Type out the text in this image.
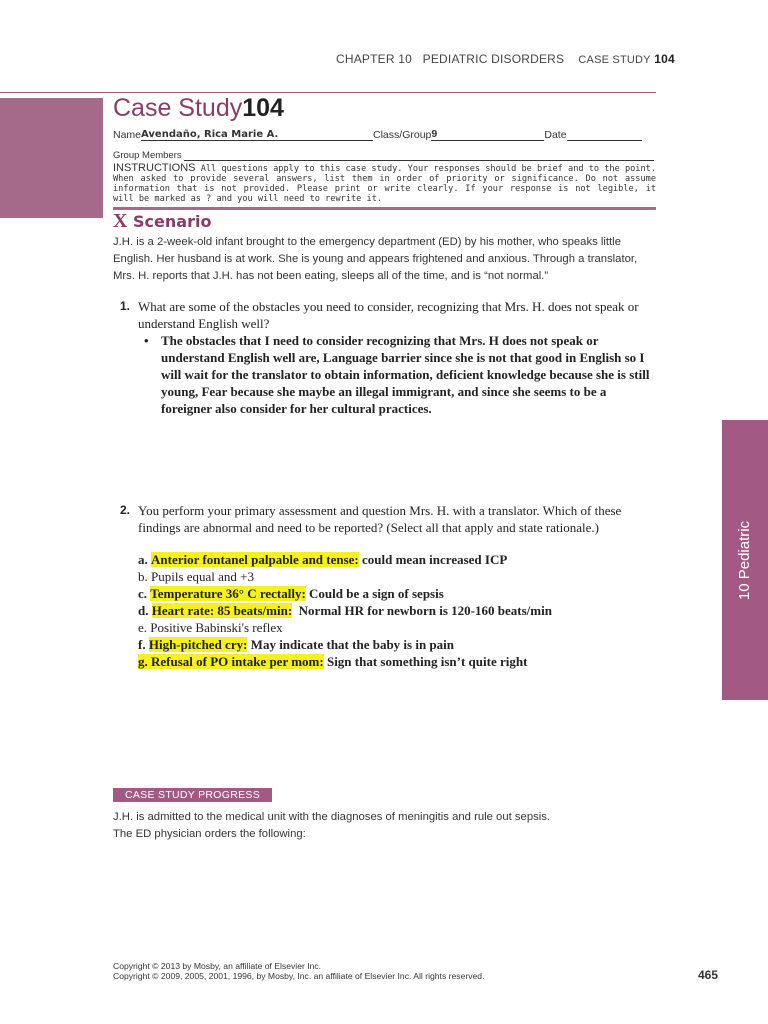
10 Pediatric
CHAPTER 10 PEDIATRIC DISORDERS CASE STUDY 104
Case Study104
NameAvendaño, Rica Marie A.	Class/Group9	Date
Group Members
INSTRUCTIONS All questions apply to this case study. Your responses should be brief and to the point. When asked to provide several answers, list them in order of priority or significance. Do not assume information that is not provided. Please print or write clearly. If your response is not legible, it will be marked as ? and you will need to rewrite it.
X Scenario
J.H. is a 2-week-old infant brought to the emergency department (ED) by his mother, who speaks little English. Her husband is at work. She is young and appears frightened and anxious. Through a translator, Mrs. H. reports that J.H. has not been eating, sleeps all of the time, and is “not normal.”
1. What are some of the obstacles you need to consider, recognizing that Mrs. H. does not speak or understand English well?
• The obstacles that I need to consider recognizing that Mrs. H does not speak or understand English well are, Language barrier since she is not that good in English so I will wait for the translator to obtain information, deficient knowledge because she is still young, Fear because she maybe an illegal immigrant, and since she seems to be a foreigner also consider for her cultural practices.
2. You perform your primary assessment and question Mrs. H. with a translator. Which of these findings are abnormal and need to be reported? (Select all that apply and state rationale.)
a. Anterior fontanel palpable and tense: could mean increased ICP
b. Pupils equal and +3
c. Temperature 36° C rectally: Could be a sign of sepsis
d. Heart rate: 85 beats/min:  Normal HR for newborn is 120-160 beats/min
e. Positive Babinski's reflex
f. High-pitched cry: May indicate that the baby is in pain
g. Refusal of PO intake per mom: Sign that something isn’t quite right
CASE STUDY PROGRESS
J.H. is admitted to the medical unit with the diagnoses of meningitis and rule out sepsis.
The ED physician orders the following:
Copyright © 2013 by Mosby, an affiliate of Elsevier Inc.
Copyright © 2009, 2005, 2001, 1996, by Mosby, Inc. an affiliate of Elsevier Inc. All rights reserved.	465
